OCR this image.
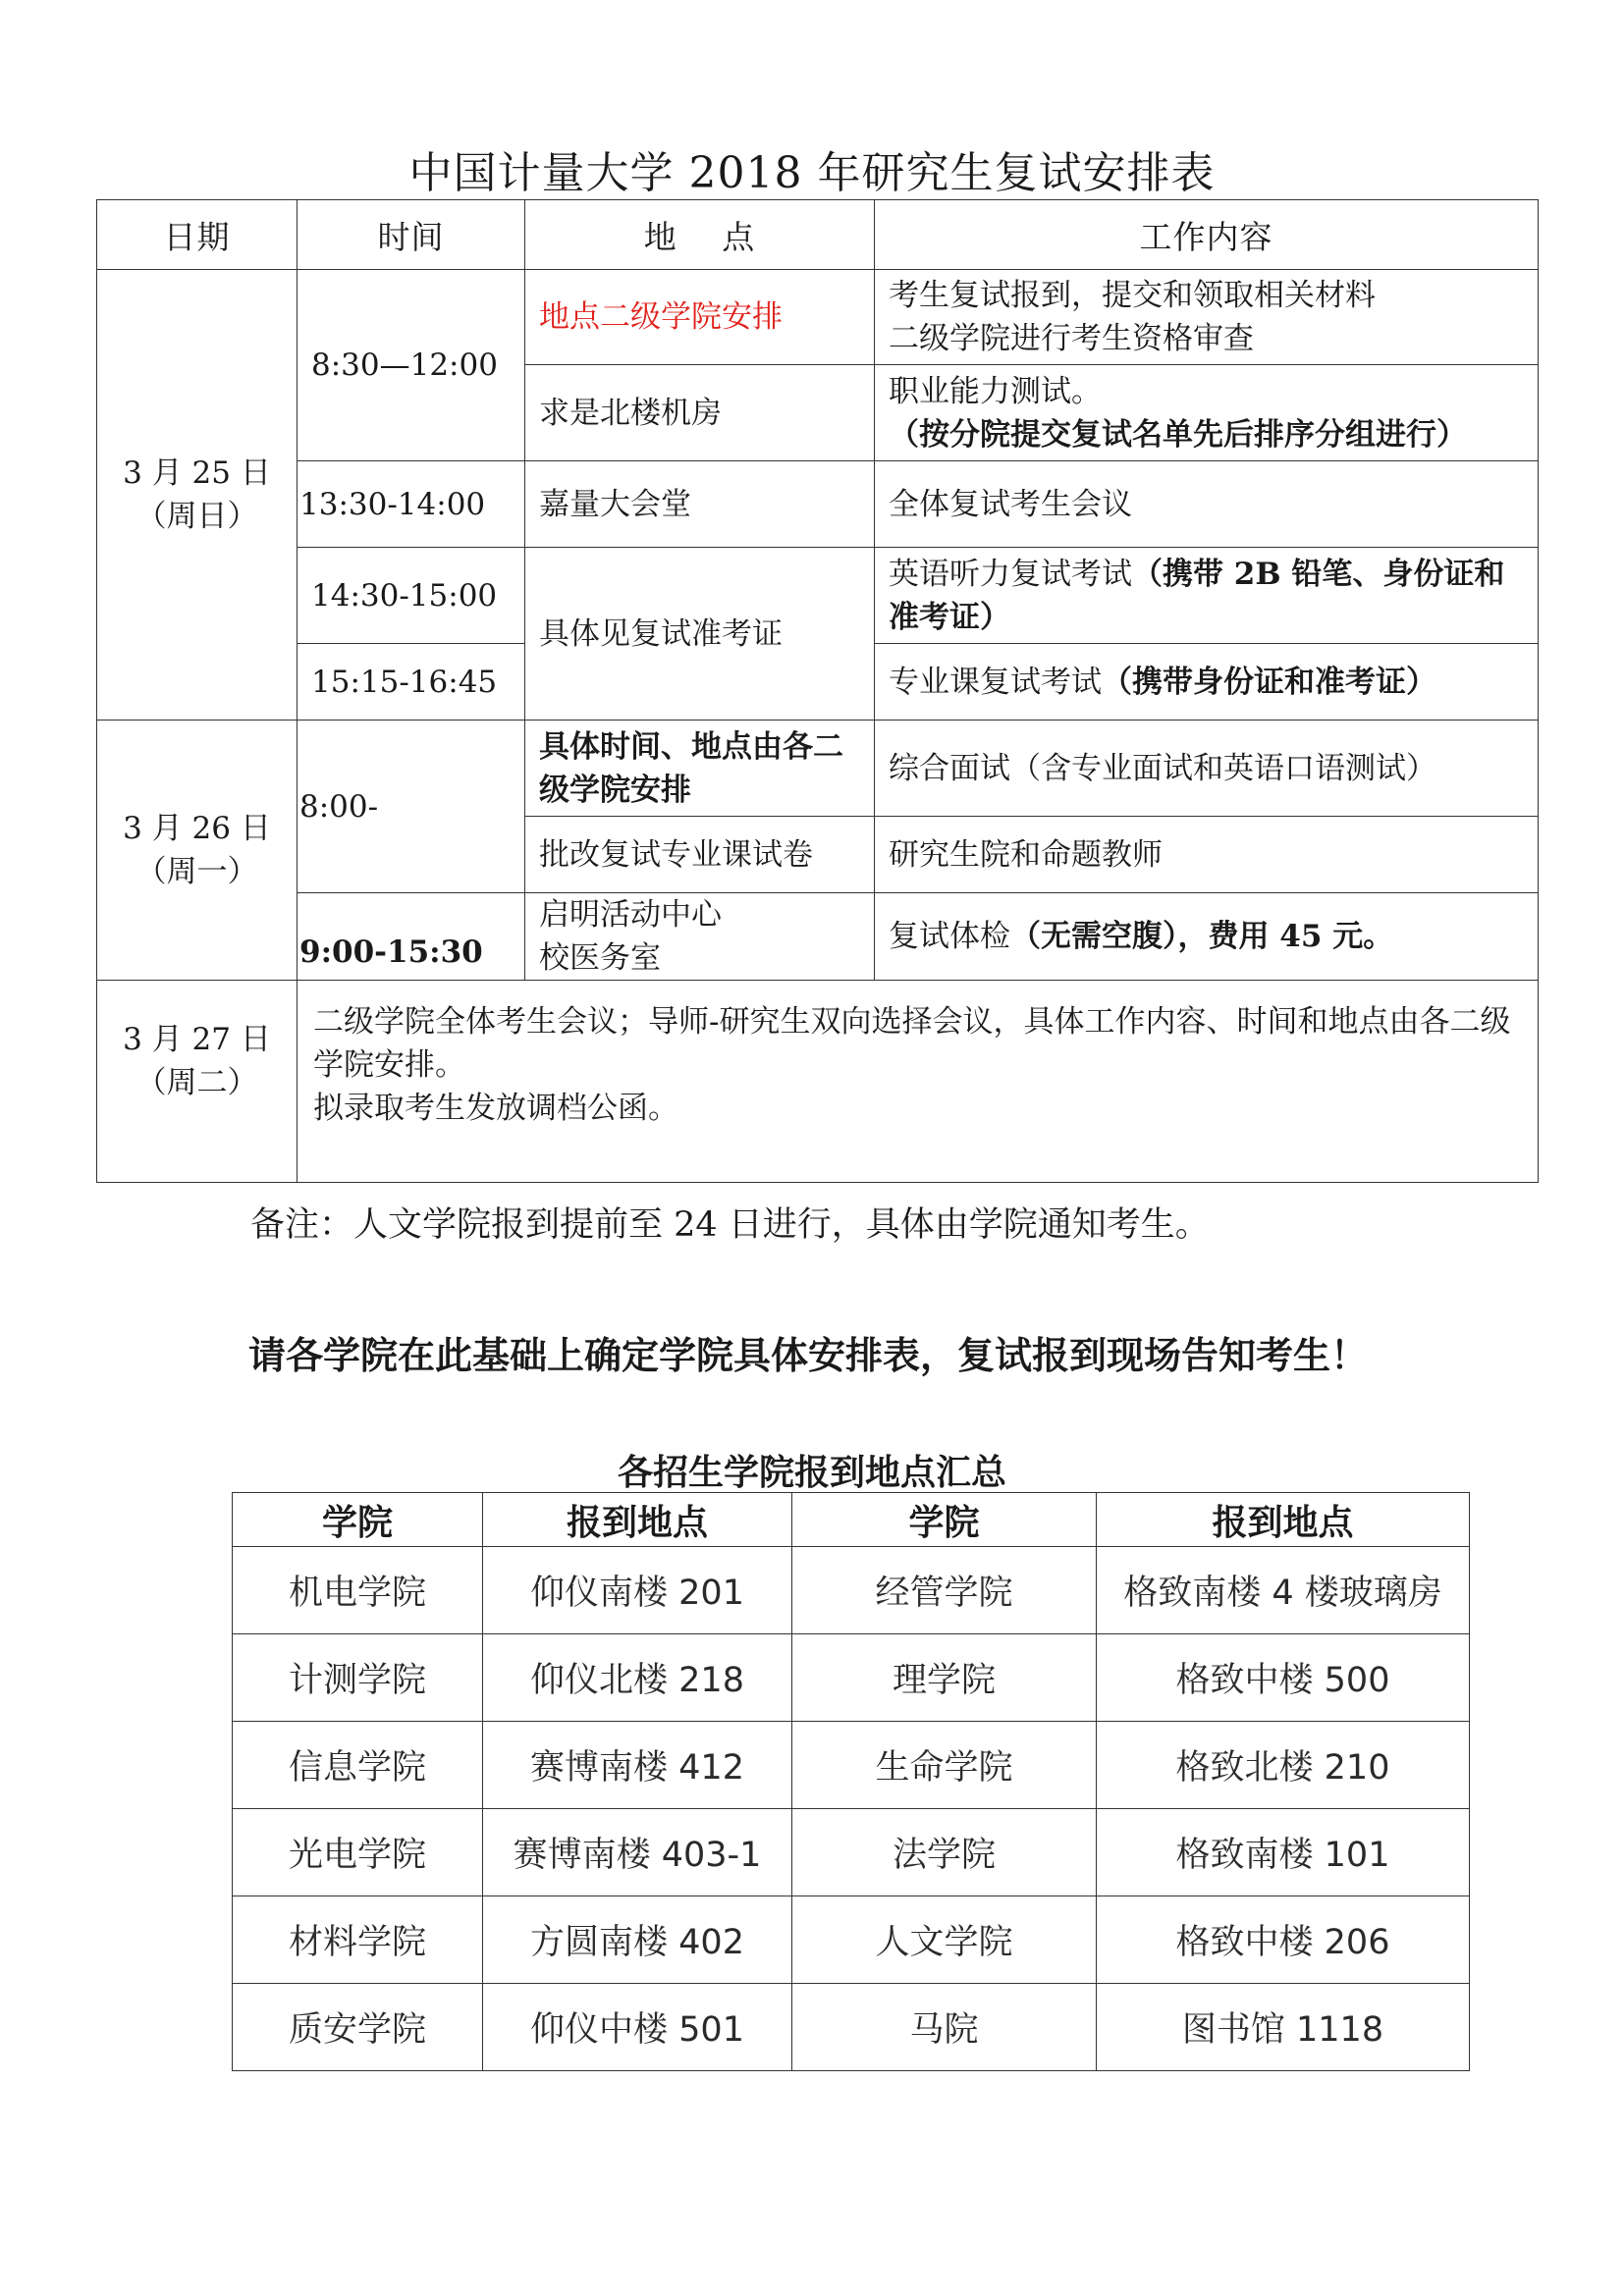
中国计量大学 2018 年研究生复试安排表
日期	时间	地　 点	工作内容

3 月 25 日
（周日）	8:30—12:00	地点二级学院安排	考生复试报到，提交和领取相关材料
二级学院进行考生资格审查

		求是北楼机房	职业能力测试。
（按分院提交复试名单先后排序分组进行）

	13:30-14:00	嘉量大会堂	全体复试考生会议
	14:30-15:00	具体见复试准考证	英语听力复试考试（携带 2B 铅笔、身份证和
准考证）

	15:15-16:45		专业课复试考试（携带身份证和准考证）

3 月 26 日
（周一）	8:00-	具体时间、地点由各二级学院安排	综合面试（含专业面试和英语口语测试）
		批改复试专业课试卷	研究生院和命题教师
	9:00-15:30	启明活动中心
校医务室	复试体检（无需空腹），费用 45 元。

3 月 27 日
（周二）	二级学院全体考生会议；导师-研究生双向选择会议，具体工作内容、时间和地点由各二级学院安排。
拟录取考生发放调档公函。		
备注：人文学院报到提前至 24 日进行，具体由学院通知考生。
请各学院在此基础上确定学院具体安排表，复试报到现场告知考生！
各招生学院报到地点汇总
学院	报到地点	学院	报到地点
机电学院	仰仪南楼 201	经管学院	格致南楼 4 楼玻璃房
计测学院	仰仪北楼 218	理学院	格致中楼 500
信息学院	赛博南楼 412	生命学院	格致北楼 210
光电学院	赛博南楼 403-1	法学院	格致南楼 101
材料学院	方圆南楼 402	人文学院	格致中楼 206
质安学院	仰仪中楼 501	马院	图书馆 1118
